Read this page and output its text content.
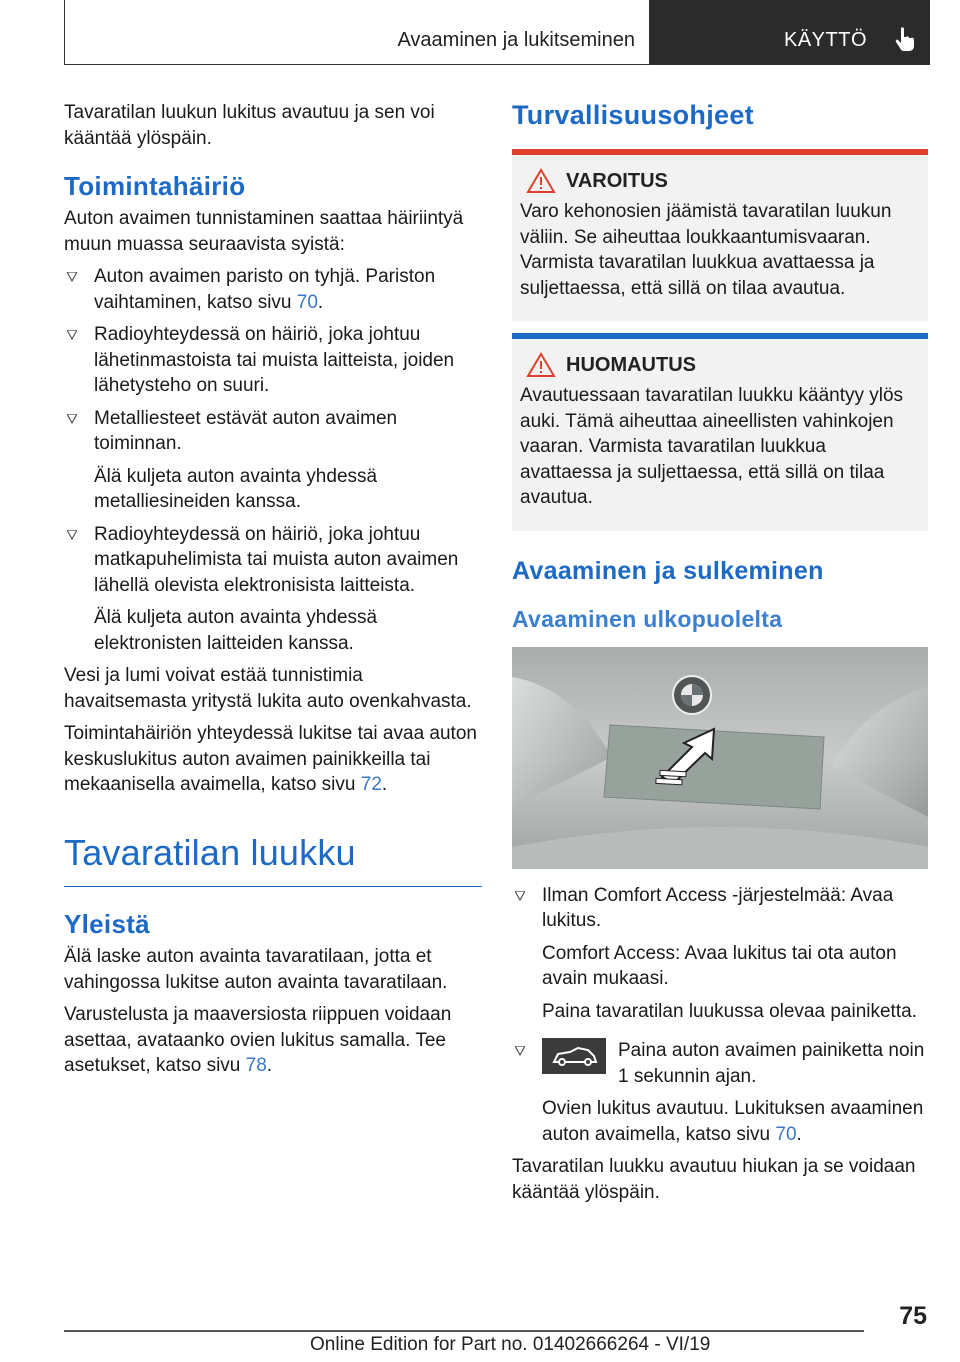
Avaaminen ja lukitseminen	KÄYTTÖ

Tavaratilan luukun lukitus avautuu ja sen voi kääntää ylöspäin.

Toimintahäiriö

Auton avaimen tunnistaminen saattaa häiriintyä muun muassa seuraavista syistä:

Auton avaimen paristo on tyhjä. Pariston vaihtaminen, katso sivu 70.

Radioyhteydessä on häiriö, joka johtuu lähetinmastoista tai muista laitteista, joiden lähetysteho on suuri.

Metalliesteet estävät auton avaimen toiminnan.

Älä kuljeta auton avainta yhdessä metalliesineiden kanssa.

Radioyhteydessä on häiriö, joka johtuu matkapuhelimista tai muista auton avaimen lähellä olevista elektronisista laitteista.

Älä kuljeta auton avainta yhdessä elektronisten laitteiden kanssa.

Vesi ja lumi voivat estää tunnistimia havaitsemasta yritystä lukita auto ovenkahvasta.

Toimintahäiriön yhteydessä lukitse tai avaa auton keskuslukitus auton avaimen painikkeilla tai mekaanisella avaimella, katso sivu 72.

Tavaratilan luukku
Yleistä

Älä laske auton avainta tavaratilaan, jotta et vahingossa lukitse auton avainta tavaratilaan.

Varustelusta ja maaversiosta riippuen voidaan asettaa, avataanko ovien lukitus samalla. Tee asetukset, katso sivu 78.

Turvallisuusohjeet
VAROITUS

Varo kehonosien jäämistä tavaratilan luukun väliin. Se aiheuttaa loukkaantumisvaaran. Varmista tavaratilan luukkua avattaessa ja suljettaessa, että sillä on tilaa avautua.

HUOMAUTUS

Avautuessaan tavaratilan luukku kääntyy ylös auki. Tämä aiheuttaa aineellisten vahinkojen vaaran. Varmista tavaratilan luukkua avattaessa ja suljettaessa, että sillä on tilaa avautua.

Avaaminen ja sulkeminen
Avaaminen ulkopuolelta

Ilman Comfort Access -järjestelmää: Avaa lukitus.

Comfort Access: Avaa lukitus tai ota auton avain mukaasi.

Paina tavaratilan luukussa olevaa painiketta.

Paina auton avaimen painiketta noin 1 sekunnin ajan.

Ovien lukitus avautuu. Lukituksen avaaminen auton avaimella, katso sivu 70.

Tavaratilan luukku avautuu hiukan ja se voidaan kääntää ylöspäin.

75
Online Edition for Part no. 01402666264 - VI/19
